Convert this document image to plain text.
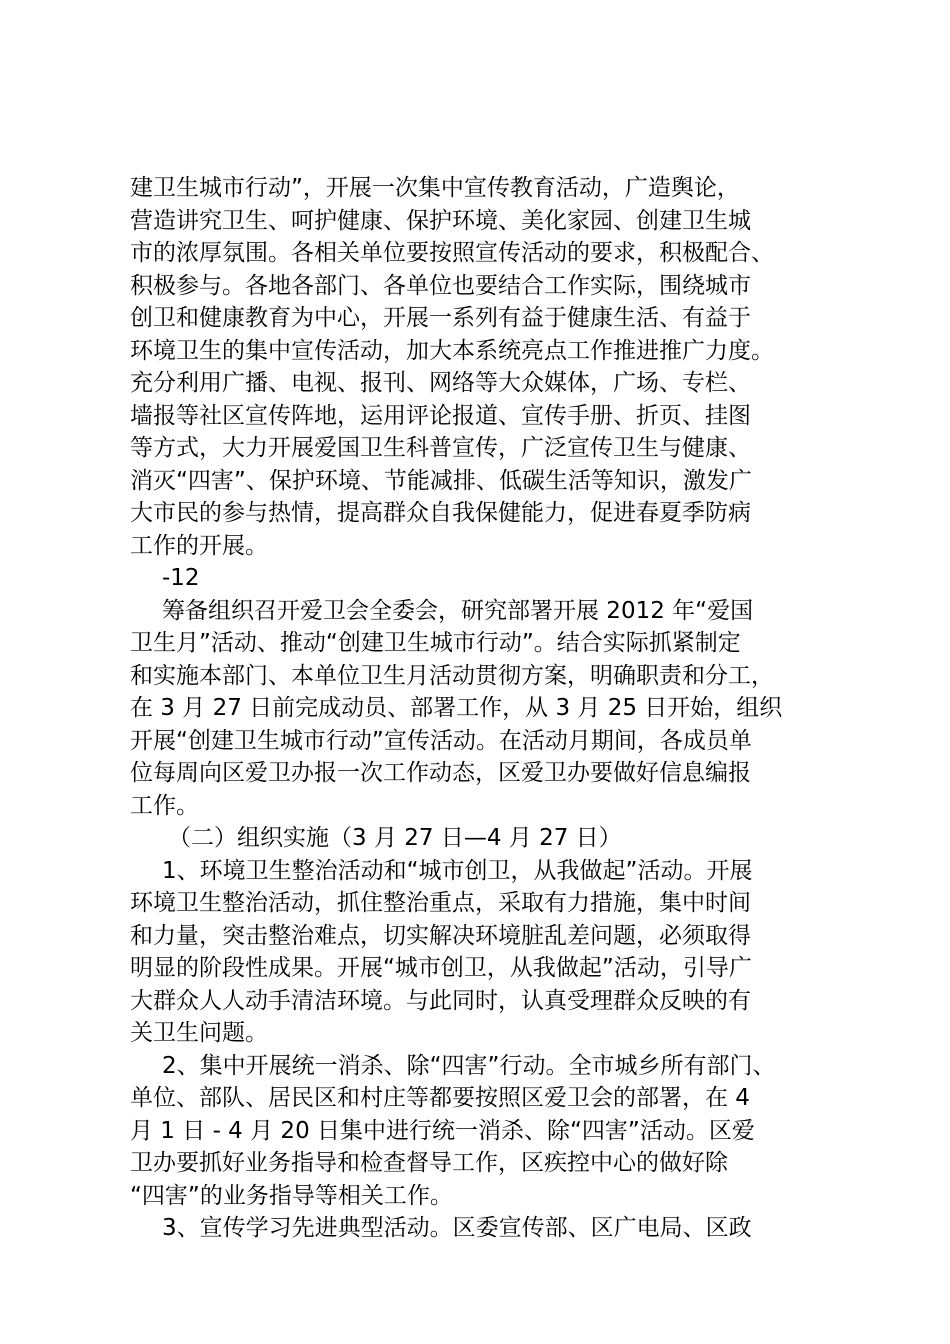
建卫生城市行动”，开展一次集中宣传教育活动，广造舆论，
营造讲究卫生、呵护健康、保护环境、美化家园、创建卫生城
市的浓厚氛围。各相关单位要按照宣传活动的要求，积极配合、
积极参与。各地各部门、各单位也要结合工作实际，围绕城市
创卫和健康教育为中心，开展一系列有益于健康生活、有益于
环境卫生的集中宣传活动，加大本系统亮点工作推进推广力度。
充分利用广播、电视、报刊、网络等大众媒体，广场、专栏、
墙报等社区宣传阵地，运用评论报道、宣传手册、折页、挂图
等方式，大力开展爱国卫生科普宣传，广泛宣传卫生与健康、
消灭“四害”、保护环境、节能减排、低碳生活等知识，激发广
大市民的参与热情，提高群众自我保健能力，促进春夏季防病
工作的开展。
-12
筹备组织召开爱卫会全委会，研究部署开展 2012 年“爱国
卫生月”活动、推动“创建卫生城市行动”。结合实际抓紧制定
和实施本部门、本单位卫生月活动贯彻方案，明确职责和分工，
在 3 月 27 日前完成动员、部署工作，从 3 月 25 日开始，组织
开展“创建卫生城市行动”宣传活动。在活动月期间，各成员单
位每周向区爱卫办报一次工作动态，区爱卫办要做好信息编报
工作。
（二）组织实施（3 月 27 日—4 月 27 日）
1、环境卫生整治活动和“城市创卫，从我做起”活动。开展
环境卫生整治活动，抓住整治重点，采取有力措施，集中时间
和力量，突击整治难点，切实解决环境脏乱差问题，必须取得
明显的阶段性成果。开展“城市创卫，从我做起”活动，引导广
大群众人人动手清洁环境。与此同时，认真受理群众反映的有
关卫生问题。
2、集中开展统一消杀、除“四害”行动。全市城乡所有部门、
单位、部队、居民区和村庄等都要按照区爱卫会的部署，在 4
月 1 日 - 4 月 20 日集中进行统一消杀、除“四害”活动。区爱
卫办要抓好业务指导和检查督导工作，区疾控中心的做好除
“四害”的业务指导等相关工作。
3、宣传学习先进典型活动。区委宣传部、区广电局、区政
